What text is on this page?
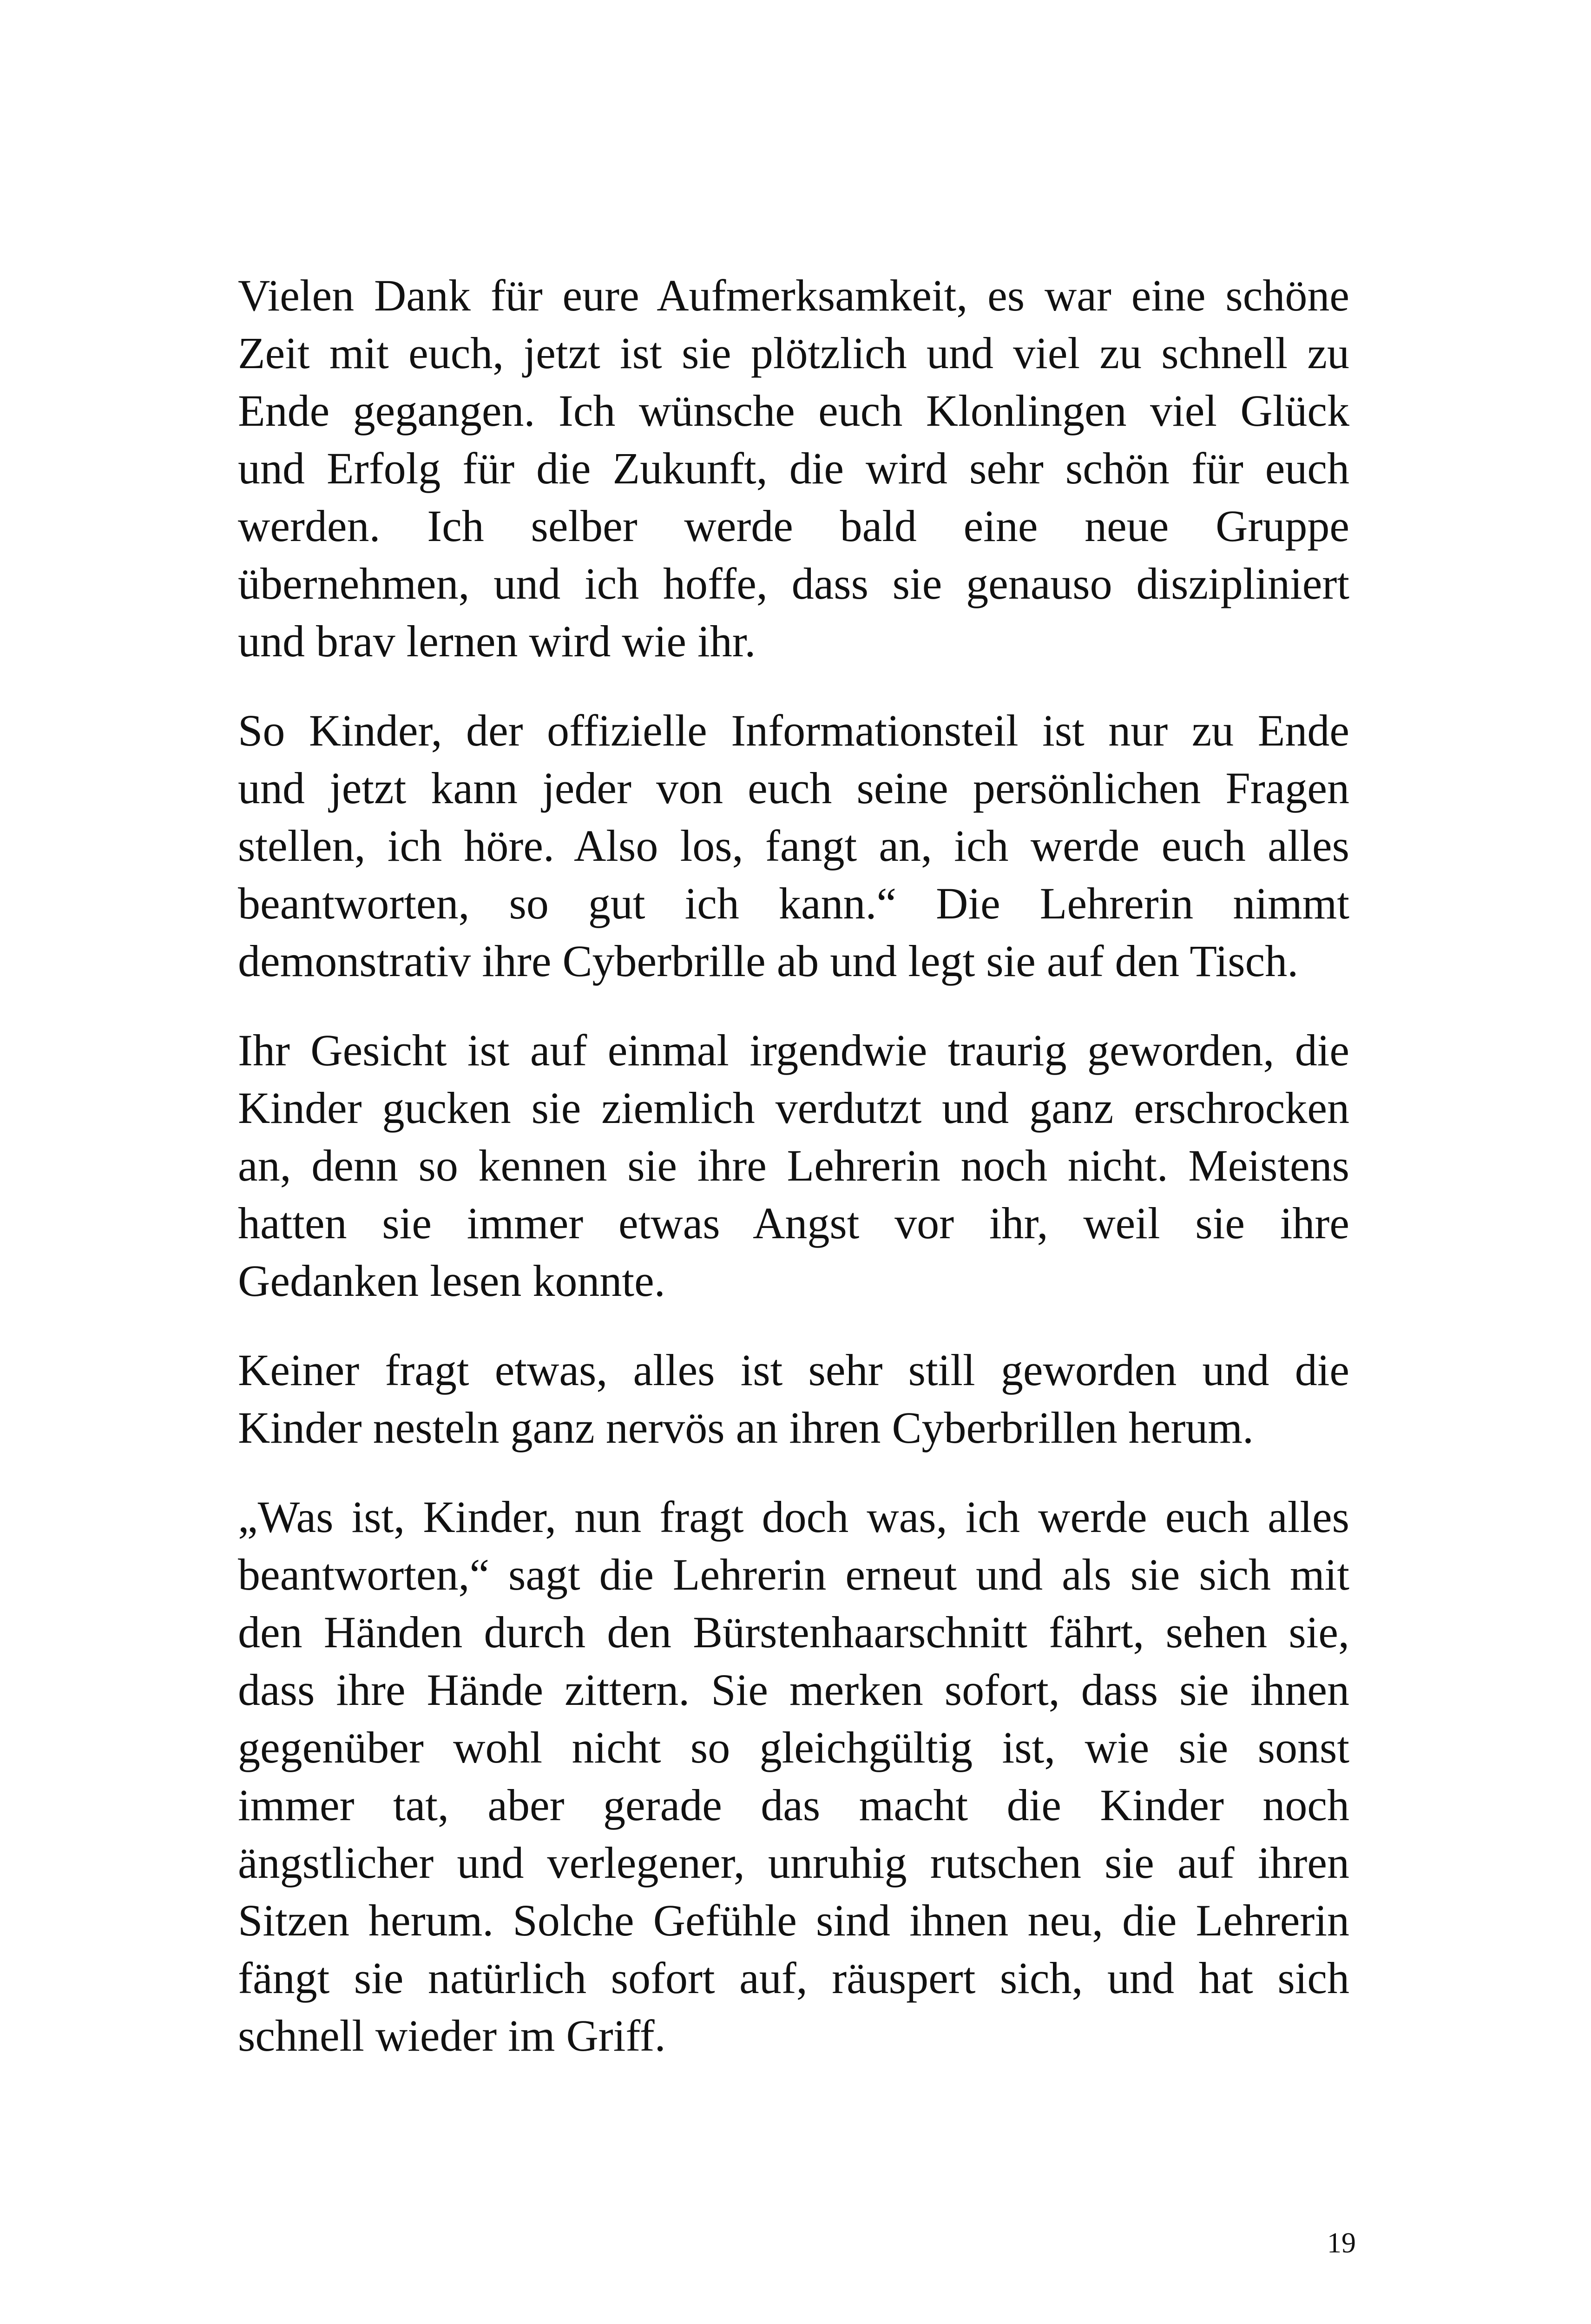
Vielen Dank für eure Aufmerksamkeit, es war eine schöne
Zeit mit euch, jetzt ist sie plötzlich und viel zu schnell zu
Ende gegangen. Ich wünsche euch Klonlingen viel Glück
und Erfolg für die Zukunft, die wird sehr schön für euch
werden. Ich selber werde bald eine neue Gruppe
übernehmen, und ich hoffe, dass sie genauso diszipliniert
und brav lernen wird wie ihr.

So Kinder, der offizielle Informationsteil ist nur zu Ende
und jetzt kann jeder von euch seine persönlichen Fragen
stellen, ich höre. Also los, fangt an, ich werde euch alles
beantworten, so gut ich kann.“ Die Lehrerin nimmt
demonstrativ ihre Cyberbrille ab und legt sie auf den Tisch.

Ihr Gesicht ist auf einmal irgendwie traurig geworden, die
Kinder gucken sie ziemlich verdutzt und ganz erschrocken
an, denn so kennen sie ihre Lehrerin noch nicht. Meistens
hatten sie immer etwas Angst vor ihr, weil sie ihre
Gedanken lesen konnte.

Keiner fragt etwas, alles ist sehr still geworden und die
Kinder nesteln ganz nervös an ihren Cyberbrillen herum.

„Was ist, Kinder, nun fragt doch was, ich werde euch alles
beantworten,“ sagt die Lehrerin erneut und als sie sich mit
den Händen durch den Bürstenhaarschnitt fährt, sehen sie,
dass ihre Hände zittern. Sie merken sofort, dass sie ihnen
gegenüber wohl nicht so gleichgültig ist, wie sie sonst
immer tat, aber gerade das macht die Kinder noch
ängstlicher und verlegener, unruhig rutschen sie auf ihren
Sitzen herum. Solche Gefühle sind ihnen neu, die Lehrerin
fängt sie natürlich sofort auf, räuspert sich, und hat sich
schnell wieder im Griff.

19
